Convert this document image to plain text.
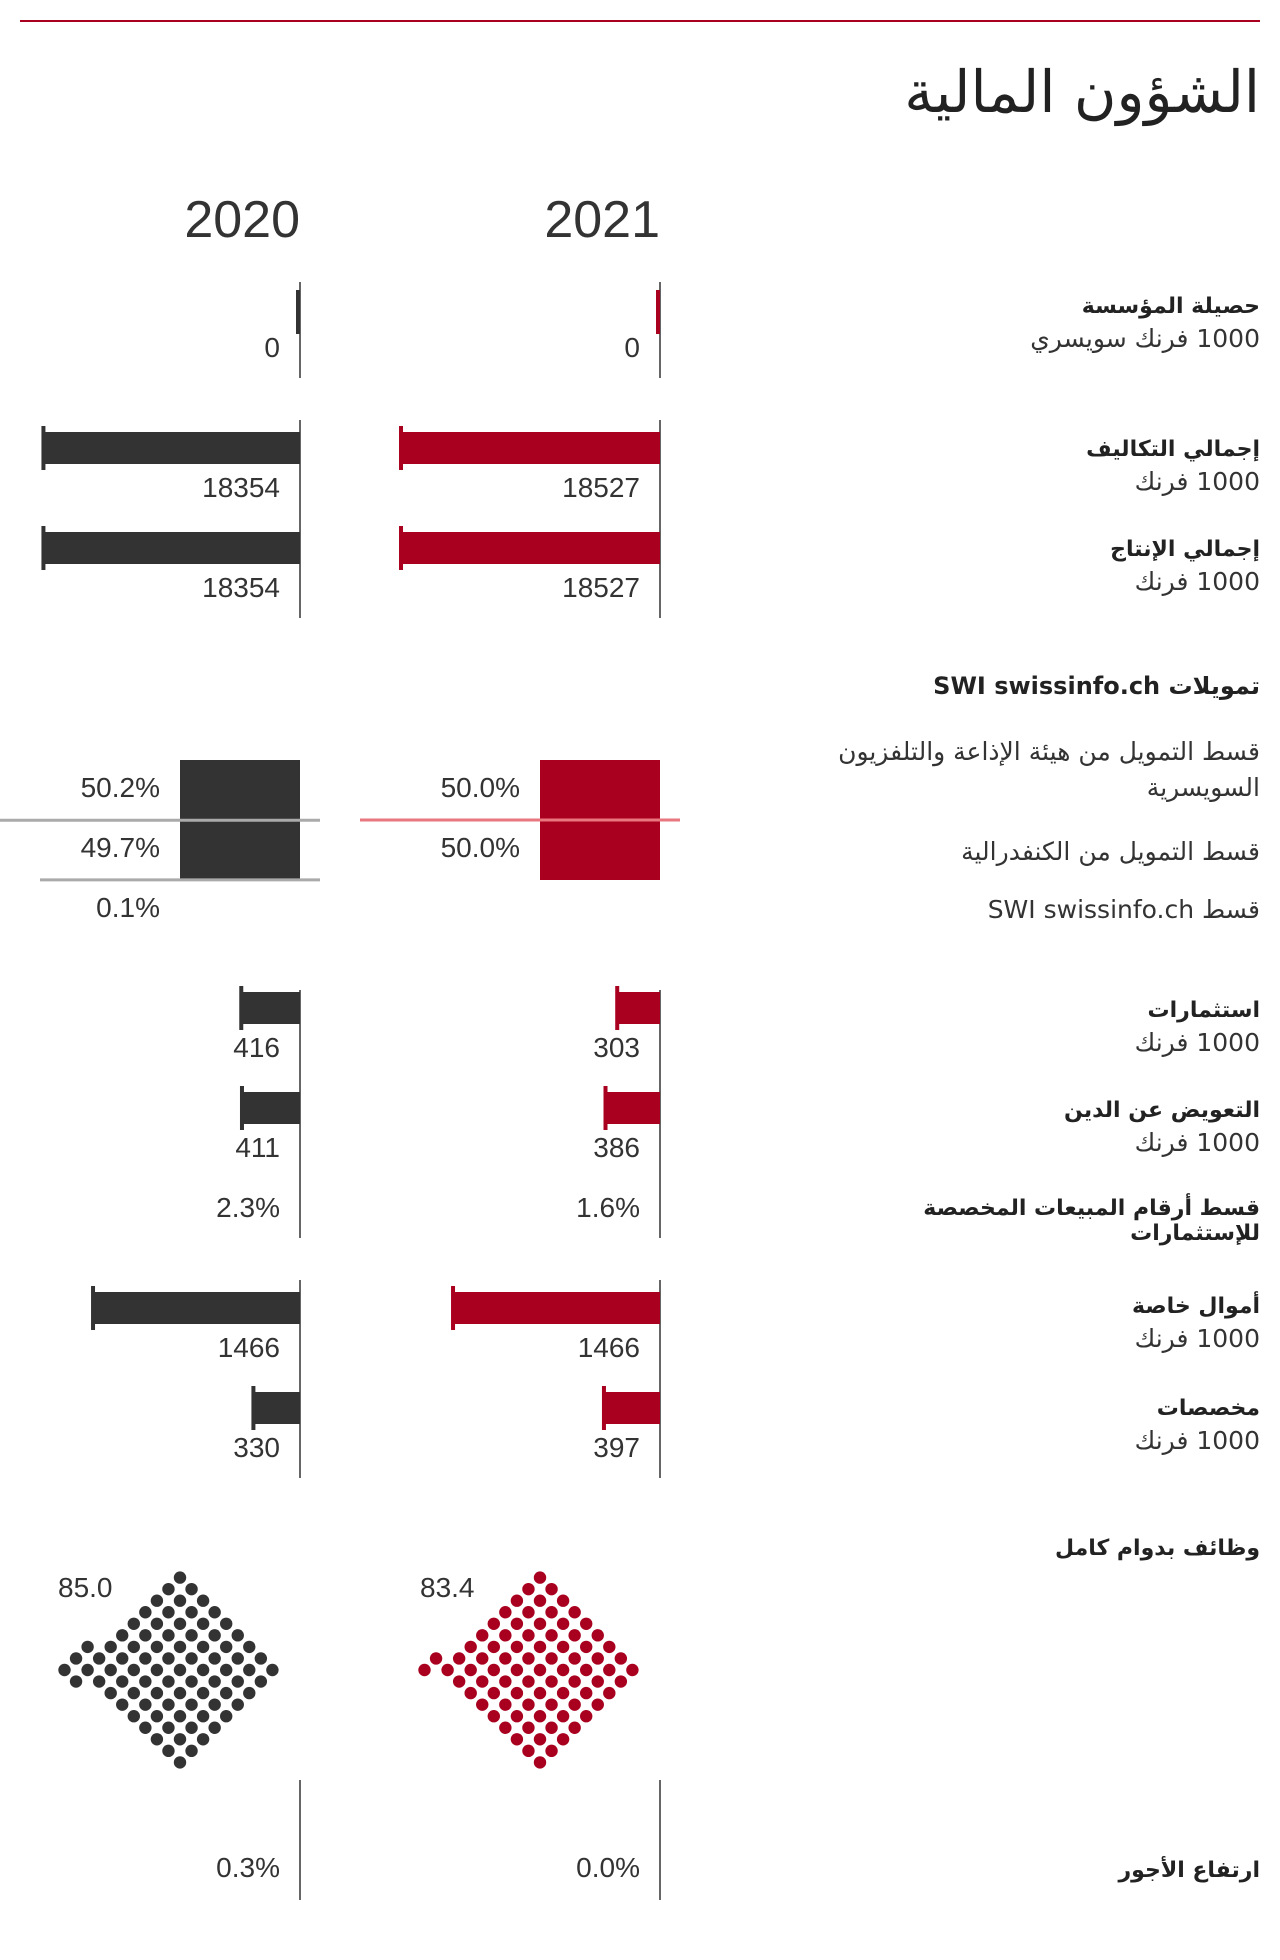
الشؤون المالية
2021
2020
حصيلة المؤسسة
1000 فرنك سويسري
إجمالي التكاليف
1000 فرنك
إجمالي الإنتاج
1000 فرنك
تمويلات SWI swissinfo.ch
قسط التمويل من هيئة الإذاعة والتلفزيون السويسرية
قسط التمويل من الكنفدرالية
قسط SWI swissinfo.ch
استثمارات
1000 فرنك
التعويض عن الدين
1000 فرنك
قسط أرقام المبيعات المخصصة للإستثمارات
أموال خاصة
1000 فرنك
مخصصات
1000 فرنك
وظائف بدوام كامل
ارتفاع الأجور
0
18527
18527
50.0%
50.0%
303
386
1.6%
1466
397
83.4
0.0%
0
18354
18354
50.2%
49.7%
0.1%
416
411
2.3%
1466
330
85.0
0.3%
